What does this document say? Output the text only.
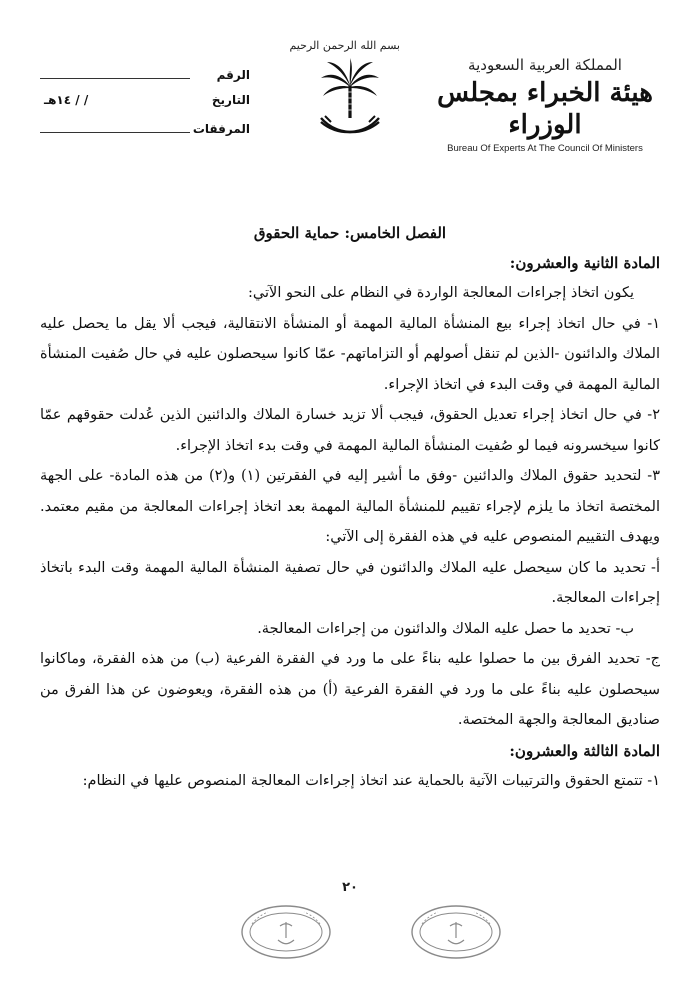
المملكة العربية السعودية
هيئة الخبراء بمجلس الوزراء
Bureau Of Experts At The Council Of Ministers
بسم الله الرحمن الرحيم
الرقم
التاريخ
/ / ١٤هـ
المرفقات

الفصل الخامس: حماية الحقوق

المادة الثانية والعشرون:

يكون اتخاذ إجراءات المعالجة الواردة في النظام على النحو الآتي:

١- في حال اتخاذ إجراء بيع المنشأة المالية المهمة أو المنشأة الانتقالية، فيجب ألا يقل ما يحصل عليه الملاك والدائنون -الذين لم تنقل أصولهم أو التزاماتهم- عمّا كانوا سيحصلون عليه في حال صُفيت المنشأة المالية المهمة في وقت البدء في اتخاذ الإجراء.

٢- في حال اتخاذ إجراء تعديل الحقوق، فيجب ألا تزيد خسارة الملاك والدائنين الذين عُدلت حقوقهم عمّا كانوا سيخسرونه فيما لو صُفيت المنشأة المالية المهمة في وقت بدء اتخاذ الإجراء.

٣- لتحديد حقوق الملاك والدائنين -وفق ما أشير إليه في الفقرتين (١) و(٢) من هذه المادة- على الجهة المختصة اتخاذ ما يلزم لإجراء تقييم للمنشأة المالية المهمة بعد اتخاذ إجراءات المعالجة من مقيم معتمد. ويهدف التقييم المنصوص عليه في هذه الفقرة إلى الآتي:

أ- تحديد ما كان سيحصل عليه الملاك والدائنون في حال تصفية المنشأة المالية المهمة وقت البدء باتخاذ إجراءات المعالجة.

ب- تحديد ما حصل عليه الملاك والدائنون من إجراءات المعالجة.

ج- تحديد الفرق بين ما حصلوا عليه بناءً على ما ورد في الفقرة الفرعية (ب) من هذه الفقرة، وماكانوا سيحصلون عليه بناءً على ما ورد في الفقرة الفرعية (أ) من هذه الفقرة، ويعوضون عن هذا الفرق من صناديق المعالجة والجهة المختصة.

المادة الثالثة والعشرون:

١- تتمتع الحقوق والترتيبات الآتية بالحماية عند اتخاذ إجراءات المعالجة المنصوص عليها في النظام:

٢٠
